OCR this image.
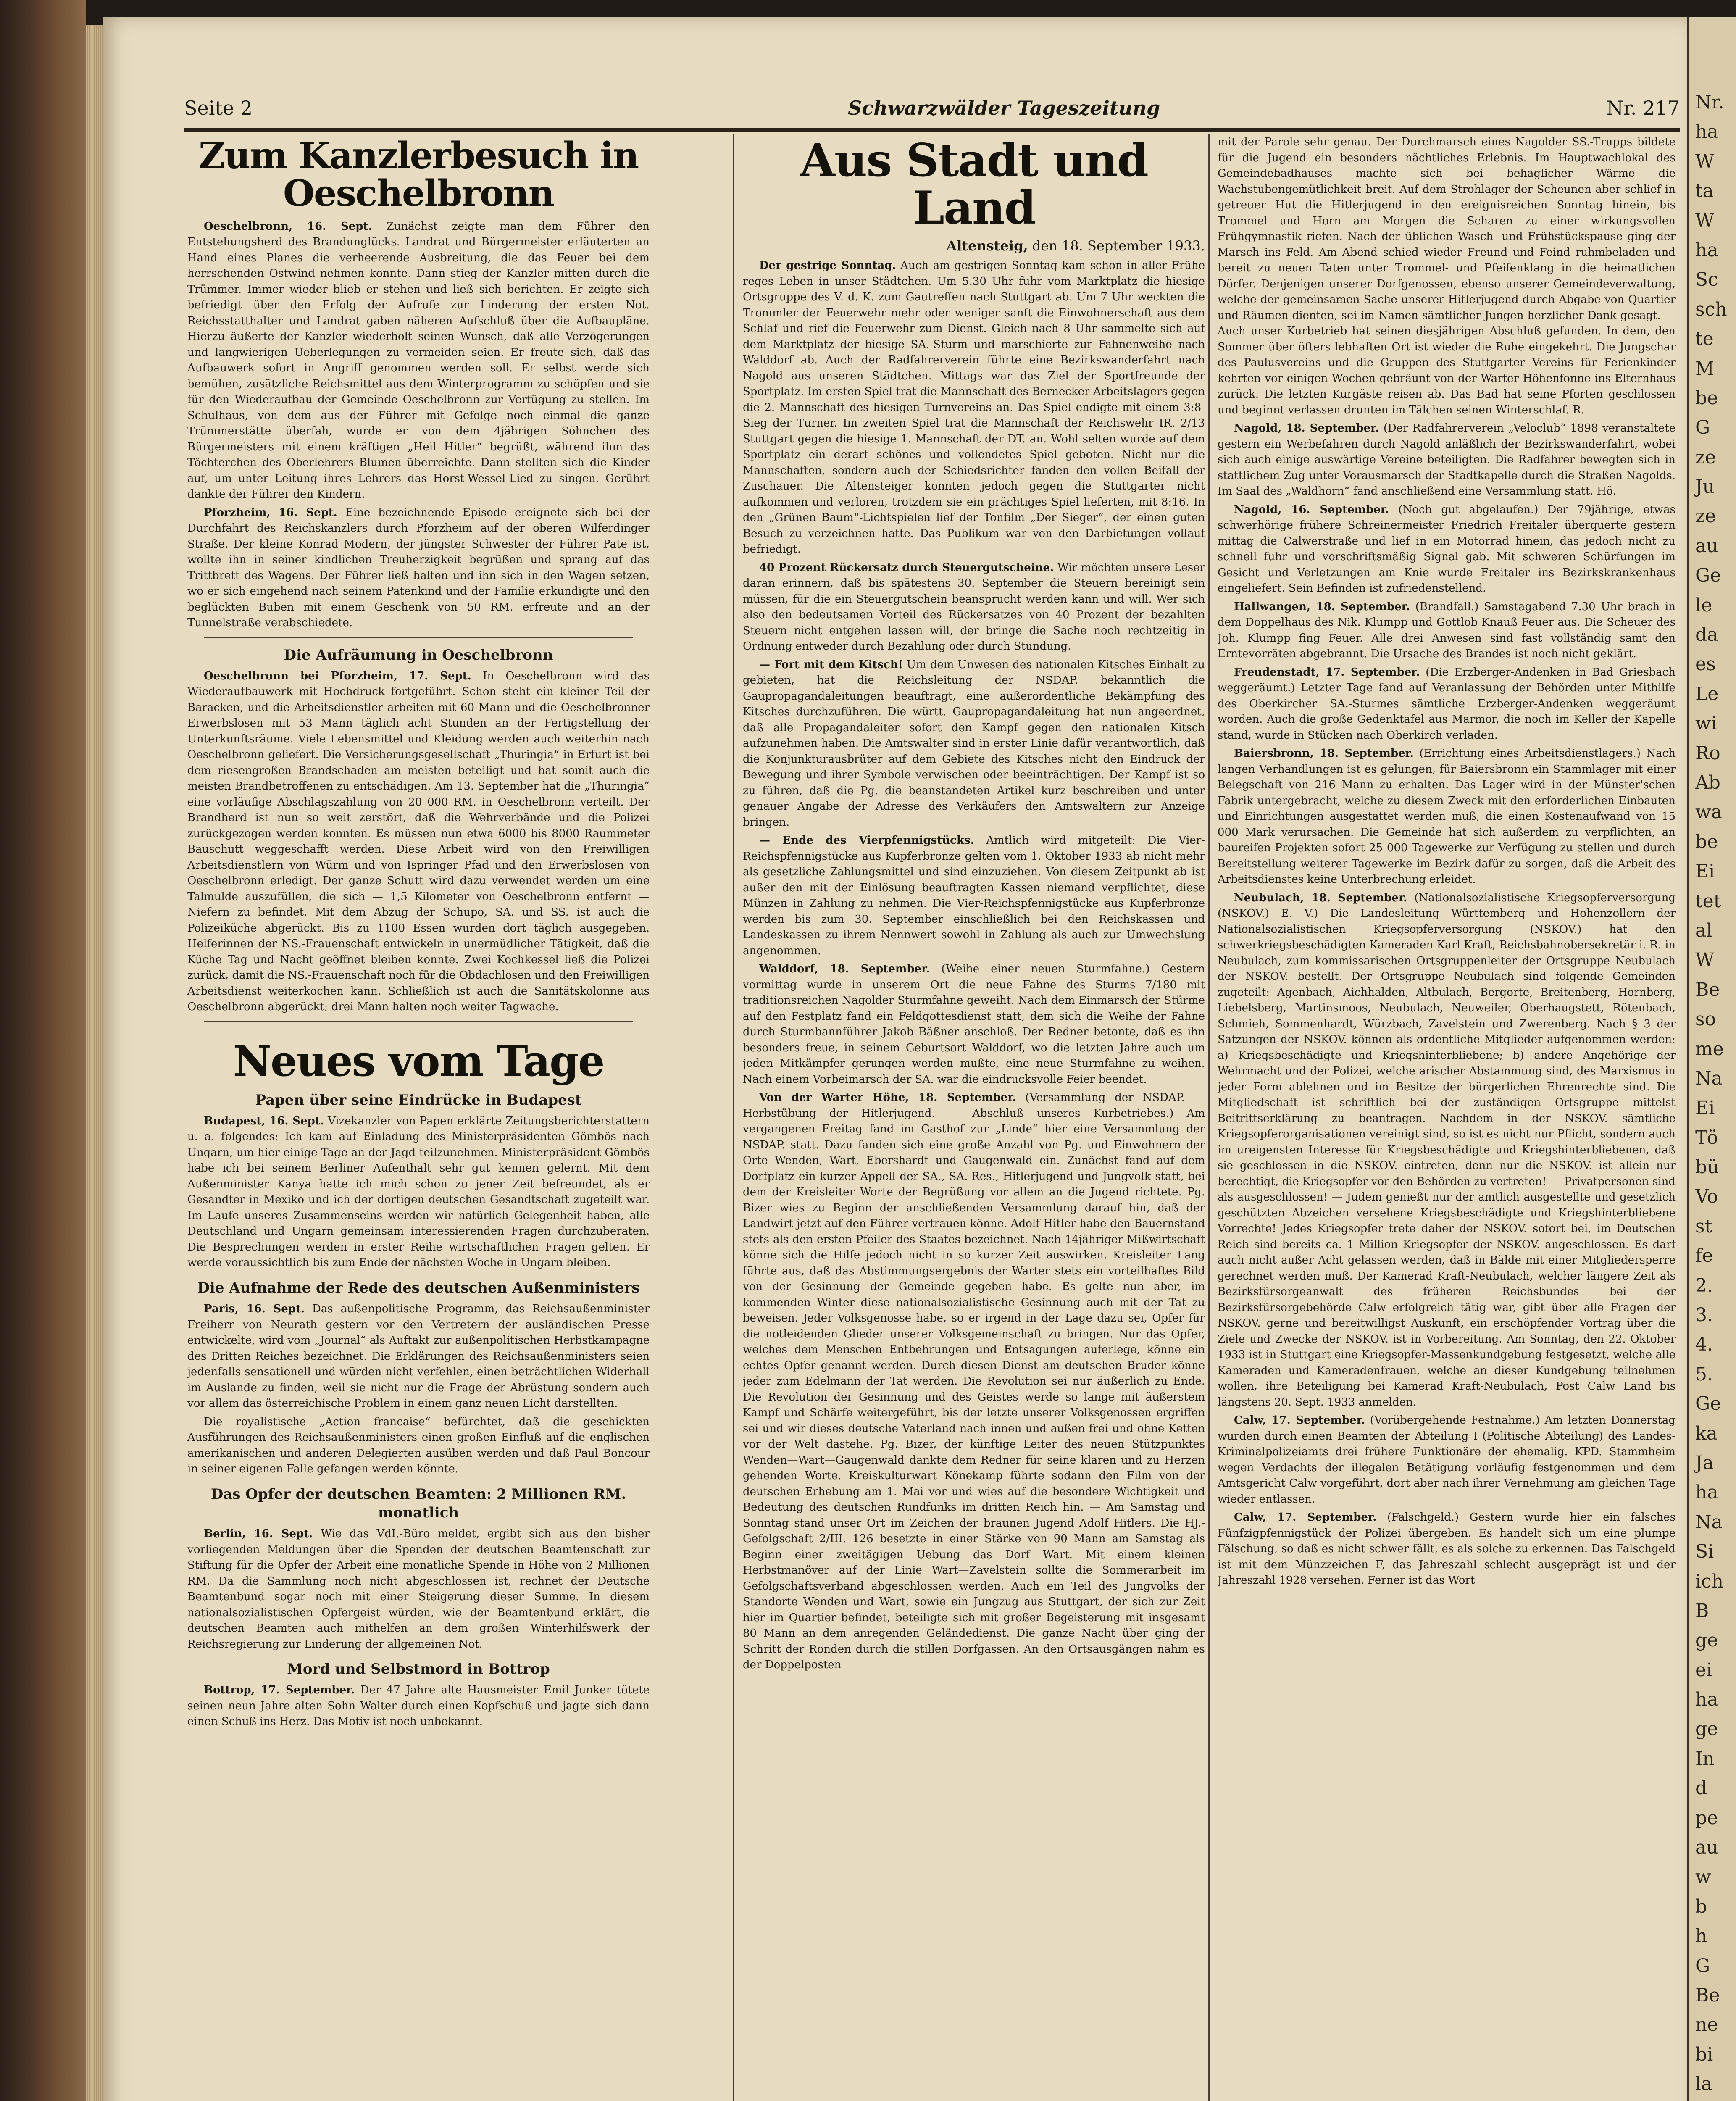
Nr.
ha
W
ta
W
ha
Sc
sch
te
M
be
G
ze
Ju
ze
au
Ge
le
da
es
Le
wi
Ro
Ab
wa
be
Ei
tet
al
W
Be
so
me
Na
Ei
Tö
bü
Vo
st
fe
2.
3.
4.
5.
Ge
ka
Ja
ha
Na
Si
ich
B
ge
ei
ha
ge
In
d
pe
au
w
b
h
G
Be
ne
bi
la
Seite 2	Schwarzwälder Tageszeitung	Nr. 217
Zum Kanzlerbesuch in Oeschelbronn

Oeschelbronn, 16. Sept. Zunächst zeigte man dem Führer den Entstehungsherd des Brandunglücks. Landrat und Bürgermeister erläuterten an Hand eines Planes die verheerende Ausbreitung, die das Feuer bei dem herrschenden Ostwind nehmen konnte. Dann stieg der Kanzler mitten durch die Trümmer. Immer wieder blieb er stehen und ließ sich berichten. Er zeigte sich befriedigt über den Erfolg der Aufrufe zur Linderung der ersten Not. Reichsstatthalter und Landrat gaben näheren Aufschluß über die Aufbaupläne. Hierzu äußerte der Kanzler wiederholt seinen Wunsch, daß alle Verzögerungen und langwierigen Ueberlegungen zu vermeiden seien. Er freute sich, daß das Aufbauwerk sofort in Angriff genommen werden soll. Er selbst werde sich bemühen, zusätzliche Reichsmittel aus dem Winterprogramm zu schöpfen und sie für den Wiederaufbau der Gemeinde Oeschelbronn zur Verfügung zu stellen. Im Schulhaus, von dem aus der Führer mit Gefolge noch einmal die ganze Trümmerstätte überfah, wurde er von dem 4jährigen Söhnchen des Bürgermeisters mit einem kräftigen „Heil Hitler“ begrüßt, während ihm das Töchterchen des Oberlehrers Blumen überreichte. Dann stellten sich die Kinder auf, um unter Leitung ihres Lehrers das Horst-Wessel-Lied zu singen. Gerührt dankte der Führer den Kindern.

Pforzheim, 16. Sept. Eine bezeichnende Episode ereignete sich bei der Durchfahrt des Reichskanzlers durch Pforzheim auf der oberen Wilferdinger Straße. Der kleine Konrad Modern, der jüngster Schwester der Führer Pate ist, wollte ihn in seiner kindlichen Treuherzigkeit begrüßen und sprang auf das Trittbrett des Wagens. Der Führer ließ halten und ihn sich in den Wagen setzen, wo er sich eingehend nach seinem Patenkind und der Familie erkundigte und den beglückten Buben mit einem Geschenk von 50 RM. erfreute und an der Tunnelstraße verabschiedete.

Die Aufräumung in Oeschelbronn

Oeschelbronn bei Pforzheim, 17. Sept. In Oeschelbronn wird das Wiederaufbauwerk mit Hochdruck fortgeführt. Schon steht ein kleiner Teil der Baracken, und die Arbeitsdienstler arbeiten mit 60 Mann und die Oeschelbronner Erwerbslosen mit 53 Mann täglich acht Stunden an der Fertigstellung der Unterkunftsräume. Viele Lebensmittel und Kleidung werden auch weiterhin nach Oeschelbronn geliefert. Die Versicherungsgesellschaft „Thuringia“ in Erfurt ist bei dem riesengroßen Brandschaden am meisten beteiligt und hat somit auch die meisten Brandbetroffenen zu entschädigen. Am 13. September hat die „Thuringia“ eine vorläufige Abschlagszahlung von 20 000 RM. in Oeschelbronn verteilt. Der Brandherd ist nun so weit zerstört, daß die Wehrverbände und die Polizei zurückgezogen werden konnten. Es müssen nun etwa 6000 bis 8000 Raummeter Bauschutt weggeschafft werden. Diese Arbeit wird von den Freiwilligen Arbeitsdienstlern von Würm und von Ispringer Pfad und den Erwerbslosen von Oeschelbronn erledigt. Der ganze Schutt wird dazu verwendet werden um eine Talmulde auszufüllen, die sich — 1,5 Kilometer von Oeschelbronn entfernt — Niefern zu befindet. Mit dem Abzug der Schupo, SA. und SS. ist auch die Polizeiküche abgerückt. Bis zu 1100 Essen wurden dort täglich ausgegeben. Helferinnen der NS.-Frauenschaft entwickeln in unermüdlicher Tätigkeit, daß die Küche Tag und Nacht geöffnet bleiben konnte. Zwei Kochkessel ließ die Polizei zurück, damit die NS.-Frauenschaft noch für die Obdachlosen und den Freiwilligen Arbeitsdienst weiterkochen kann. Schließlich ist auch die Sanitätskolonne aus Oeschelbronn abgerückt; drei Mann halten noch weiter Tagwache.

Neues vom Tage
Papen über seine Eindrücke in Budapest

Budapest, 16. Sept. Vizekanzler von Papen erklärte Zeitungsberichterstattern u. a. folgendes: Ich kam auf Einladung des Ministerpräsidenten Gömbös nach Ungarn, um hier einige Tage an der Jagd teilzunehmen. Ministerpräsident Gömbös habe ich bei seinem Berliner Aufenthalt sehr gut kennen gelernt. Mit dem Außenminister Kanya hatte ich mich schon zu jener Zeit befreundet, als er Gesandter in Mexiko und ich der dortigen deutschen Gesandtschaft zugeteilt war. Im Laufe unseres Zusammenseins werden wir natürlich Gelegenheit haben, alle Deutschland und Ungarn gemeinsam interessierenden Fragen durchzuberaten. Die Besprechungen werden in erster Reihe wirtschaftlichen Fragen gelten. Er werde voraussichtlich bis zum Ende der nächsten Woche in Ungarn bleiben.

Die Aufnahme der Rede des deutschen Außenministers

Paris, 16. Sept. Das außenpolitische Programm, das Reichsaußenminister Freiherr von Neurath gestern vor den Vertretern der ausländischen Presse entwickelte, wird vom „Journal“ als Auftakt zur außenpolitischen Herbstkampagne des Dritten Reiches bezeichnet. Die Erklärungen des Reichsaußenministers seien jedenfalls sensationell und würden nicht verfehlen, einen beträchtlichen Widerhall im Auslande zu finden, weil sie nicht nur die Frage der Abrüstung sondern auch vor allem das österreichische Problem in einem ganz neuen Licht darstellten.

Die royalistische „Action francaise“ befürchtet, daß die geschickten Ausführungen des Reichsaußenministers einen großen Einfluß auf die englischen amerikanischen und anderen Delegierten ausüben werden und daß Paul Boncour in seiner eigenen Falle gefangen werden könnte.

Das Opfer der deutschen Beamten: 2 Millionen RM. monatlich

Berlin, 16. Sept. Wie das VdI.-Büro meldet, ergibt sich aus den bisher vorliegenden Meldungen über die Spenden der deutschen Beamtenschaft zur Stiftung für die Opfer der Arbeit eine monatliche Spende in Höhe von 2 Millionen RM. Da die Sammlung noch nicht abgeschlossen ist, rechnet der Deutsche Beamtenbund sogar noch mit einer Steigerung dieser Summe. In diesem nationalsozialistischen Opfergeist würden, wie der Beamtenbund erklärt, die deutschen Beamten auch mithelfen an dem großen Winterhilfswerk der Reichsregierung zur Linderung der allgemeinen Not.

Mord und Selbstmord in Bottrop

Bottrop, 17. September. Der 47 Jahre alte Hausmeister Emil Junker tötete seinen neun Jahre alten Sohn Walter durch einen Kopfschuß und jagte sich dann einen Schuß ins Herz. Das Motiv ist noch unbekannt.

Aus Stadt und Land
Altensteig, den 18. September 1933.

Der gestrige Sonntag. Auch am gestrigen Sonntag kam schon in aller Frühe reges Leben in unser Städtchen. Um 5.30 Uhr fuhr vom Marktplatz die hiesige Ortsgruppe des V. d. K. zum Gautreffen nach Stuttgart ab. Um 7 Uhr weckten die Trommler der Feuerwehr mehr oder weniger sanft die Einwohnerschaft aus dem Schlaf und rief die Feuerwehr zum Dienst. Gleich nach 8 Uhr sammelte sich auf dem Marktplatz der hiesige SA.-Sturm und marschierte zur Fahnenweihe nach Walddorf ab. Auch der Radfahrerverein führte eine Bezirkswanderfahrt nach Nagold aus unseren Städtchen. Mittags war das Ziel der Sportfreunde der Sportplatz. Im ersten Spiel trat die Mannschaft des Bernecker Arbeitslagers gegen die 2. Mannschaft des hiesigen Turnvereins an. Das Spiel endigte mit einem 3:8-Sieg der Turner. Im zweiten Spiel trat die Mannschaft der Reichswehr IR. 2/13 Stuttgart gegen die hiesige 1. Mannschaft der DT. an. Wohl selten wurde auf dem Sportplatz ein derart schönes und vollendetes Spiel geboten. Nicht nur die Mannschaften, sondern auch der Schiedsrichter fanden den vollen Beifall der Zuschauer. Die Altensteiger konnten jedoch gegen die Stuttgarter nicht aufkommen und verloren, trotzdem sie ein prächtiges Spiel lieferten, mit 8:16. In den „Grünen Baum“-Lichtspielen lief der Tonfilm „Der Sieger“, der einen guten Besuch zu verzeichnen hatte. Das Publikum war von den Darbietungen vollauf befriedigt.

40 Prozent Rückersatz durch Steuergutscheine. Wir möchten unsere Leser daran erinnern, daß bis spätestens 30. September die Steuern bereinigt sein müssen, für die ein Steuergutschein beansprucht werden kann und will. Wer sich also den bedeutsamen Vorteil des Rückersatzes von 40 Prozent der bezahlten Steuern nicht entgehen lassen will, der bringe die Sache noch rechtzeitig in Ordnung entweder durch Bezahlung oder durch Stundung.

— Fort mit dem Kitsch! Um dem Unwesen des nationalen Kitsches Einhalt zu gebieten, hat die Reichsleitung der NSDAP. bekanntlich die Gaupropagandaleitungen beauftragt, eine außerordentliche Bekämpfung des Kitsches durchzuführen. Die württ. Gaupropagandaleitung hat nun angeordnet, daß alle Propagandaleiter sofort den Kampf gegen den nationalen Kitsch aufzunehmen haben. Die Amtswalter sind in erster Linie dafür verantwortlich, daß die Konjunkturausbrüter auf dem Gebiete des Kitsches nicht den Eindruck der Bewegung und ihrer Symbole verwischen oder beeinträchtigen. Der Kampf ist so zu führen, daß die Pg. die beanstandeten Artikel kurz beschreiben und unter genauer Angabe der Adresse des Verkäufers den Amtswaltern zur Anzeige bringen.

— Ende des Vierpfennigstücks. Amtlich wird mitgeteilt: Die Vier-Reichspfennigstücke aus Kupferbronze gelten vom 1. Oktober 1933 ab nicht mehr als gesetzliche Zahlungsmittel und sind einzuziehen. Von diesem Zeitpunkt ab ist außer den mit der Einlösung beauftragten Kassen niemand verpflichtet, diese Münzen in Zahlung zu nehmen. Die Vier-Reichspfennigstücke aus Kupferbronze werden bis zum 30. September einschließlich bei den Reichskassen und Landeskassen zu ihrem Nennwert sowohl in Zahlung als auch zur Umwechslung angenommen.

Walddorf, 18. September. (Weihe einer neuen Sturmfahne.) Gestern vormittag wurde in unserem Ort die neue Fahne des Sturms 7/180 mit traditionsreichen Nagolder Sturmfahne geweiht. Nach dem Einmarsch der Stürme auf den Festplatz fand ein Feldgottesdienst statt, dem sich die Weihe der Fahne durch Sturmbannführer Jakob Bäßner anschloß. Der Redner betonte, daß es ihn besonders freue, in seinem Geburtsort Walddorf, wo die letzten Jahre auch um jeden Mitkämpfer gerungen werden mußte, eine neue Sturmfahne zu weihen. Nach einem Vorbeimarsch der SA. war die eindrucksvolle Feier beendet.

Von der Warter Höhe, 18. September. (Versammlung der NSDAP. — Herbstübung der Hitlerjugend. — Abschluß unseres Kurbetriebes.) Am vergangenen Freitag fand im Gasthof zur „Linde“ hier eine Versammlung der NSDAP. statt. Dazu fanden sich eine große Anzahl von Pg. und Einwohnern der Orte Wenden, Wart, Ebershardt und Gaugenwald ein. Zunächst fand auf dem Dorfplatz ein kurzer Appell der SA., SA.-Res., Hitlerjugend und Jungvolk statt, bei dem der Kreisleiter Worte der Begrüßung vor allem an die Jugend richtete. Pg. Bizer wies zu Beginn der anschließenden Versammlung darauf hin, daß der Landwirt jetzt auf den Führer vertrauen könne. Adolf Hitler habe den Bauernstand stets als den ersten Pfeiler des Staates bezeichnet. Nach 14jähriger Mißwirtschaft könne sich die Hilfe jedoch nicht in so kurzer Zeit auswirken. Kreisleiter Lang führte aus, daß das Abstimmungsergebnis der Warter stets ein vorteilhaftes Bild von der Gesinnung der Gemeinde gegeben habe. Es gelte nun aber, im kommenden Winter diese nationalsozialistische Gesinnung auch mit der Tat zu beweisen. Jeder Volksgenosse habe, so er irgend in der Lage dazu sei, Opfer für die notleidenden Glieder unserer Volksgemeinschaft zu bringen. Nur das Opfer, welches dem Menschen Entbehrungen und Entsagungen auferlege, könne ein echtes Opfer genannt werden. Durch diesen Dienst am deutschen Bruder könne jeder zum Edelmann der Tat werden. Die Revolution sei nur äußerlich zu Ende. Die Revolution der Gesinnung und des Geistes werde so lange mit äußerstem Kampf und Schärfe weitergeführt, bis der letzte unserer Volksgenossen ergriffen sei und wir dieses deutsche Vaterland nach innen und außen frei und ohne Ketten vor der Welt dastehe. Pg. Bizer, der künftige Leiter des neuen Stützpunktes Wenden—Wart—Gaugenwald dankte dem Redner für seine klaren und zu Herzen gehenden Worte. Kreiskulturwart Könekamp führte sodann den Film von der deutschen Erhebung am 1. Mai vor und wies auf die besondere Wichtigkeit und Bedeutung des deutschen Rundfunks im dritten Reich hin. — Am Samstag und Sonntag stand unser Ort im Zeichen der braunen Jugend Adolf Hitlers. Die HJ.-Gefolgschaft 2/III. 126 besetzte in einer Stärke von 90 Mann am Samstag als Beginn einer zweitägigen Uebung das Dorf Wart. Mit einem kleinen Herbstmanöver auf der Linie Wart—Zavelstein sollte die Sommerarbeit im Gefolgschaftsverband abgeschlossen werden. Auch ein Teil des Jungvolks der Standorte Wenden und Wart, sowie ein Jungzug aus Stuttgart, der sich zur Zeit hier im Quartier befindet, beteiligte sich mit großer Begeisterung mit insgesamt 80 Mann an dem anregenden Geländedienst. Die ganze Nacht über ging der Schritt der Ronden durch die stillen Dorfgassen. An den Ortsausgängen nahm es der Doppelposten

mit der Parole sehr genau. Der Durchmarsch eines Nagolder SS.-Trupps bildete für die Jugend ein besonders nächtliches Erlebnis. Im Hauptwachlokal des Gemeindebadhauses machte sich bei behaglicher Wärme die Wachstubengemütlichkeit breit. Auf dem Strohlager der Scheunen aber schlief in getreuer Hut die Hitlerjugend in den ereignisreichen Sonntag hinein, bis Trommel und Horn am Morgen die Scharen zu einer wirkungsvollen Frühgymnastik riefen. Nach der üblichen Wasch- und Frühstückspause ging der Marsch ins Feld. Am Abend schied wieder Freund und Feind ruhmbeladen und bereit zu neuen Taten unter Trommel- und Pfeifenklang in die heimatlichen Dörfer. Denjenigen unserer Dorfgenossen, ebenso unserer Gemeindeverwaltung, welche der gemeinsamen Sache unserer Hitlerjugend durch Abgabe von Quartier und Räumen dienten, sei im Namen sämtlicher Jungen herzlicher Dank gesagt. — Auch unser Kurbetrieb hat seinen diesjährigen Abschluß gefunden. In dem, den Sommer über öfters lebhaften Ort ist wieder die Ruhe eingekehrt. Die Jungschar des Paulusvereins und die Gruppen des Stuttgarter Vereins für Ferienkinder kehrten vor einigen Wochen gebräunt von der Warter Höhenfonne ins Elternhaus zurück. Die letzten Kurgäste reisen ab. Das Bad hat seine Pforten geschlossen und beginnt verlassen drunten im Tälchen seinen Winterschlaf. R.

Nagold, 18. September. (Der Radfahrerverein „Veloclub“ 1898 veranstaltete gestern ein Werbefahren durch Nagold anläßlich der Bezirkswanderfahrt, wobei sich auch einige auswärtige Vereine beteiligten. Die Radfahrer bewegten sich in stattlichem Zug unter Vorausmarsch der Stadtkapelle durch die Straßen Nagolds. Im Saal des „Waldhorn“ fand anschließend eine Versammlung statt. Hö.

Nagold, 16. September. (Noch gut abgelaufen.) Der 79jährige, etwas schwerhörige frühere Schreinermeister Friedrich Freitaler überquerte gestern mittag die Calwerstraße und lief in ein Motorrad hinein, das jedoch nicht zu schnell fuhr und vorschriftsmäßig Signal gab. Mit schweren Schürfungen im Gesicht und Verletzungen am Knie wurde Freitaler ins Bezirkskrankenhaus eingeliefert. Sein Befinden ist zufriedenstellend.

Hallwangen, 18. September. (Brandfall.) Samstagabend 7.30 Uhr brach in dem Doppelhaus des Nik. Klumpp und Gottlob Knauß Feuer aus. Die Scheuer des Joh. Klumpp fing Feuer. Alle drei Anwesen sind fast vollständig samt den Erntevorräten abgebrannt. Die Ursache des Brandes ist noch nicht geklärt.

Freudenstadt, 17. September. (Die Erzberger-Andenken in Bad Griesbach weggeräumt.) Letzter Tage fand auf Veranlassung der Behörden unter Mithilfe des Oberkircher SA.-Sturmes sämtliche Erzberger-Andenken weggeräumt worden. Auch die große Gedenktafel aus Marmor, die noch im Keller der Kapelle stand, wurde in Stücken nach Oberkirch verladen.

Baiersbronn, 18. September. (Errichtung eines Arbeitsdienstlagers.) Nach langen Verhandlungen ist es gelungen, für Baiersbronn ein Stammlager mit einer Belegschaft von 216 Mann zu erhalten. Das Lager wird in der Münster'schen Fabrik untergebracht, welche zu diesem Zweck mit den erforderlichen Einbauten und Einrichtungen ausgestattet werden muß, die einen Kostenaufwand von 15 000 Mark verursachen. Die Gemeinde hat sich außerdem zu verpflichten, an baureifen Projekten sofort 25 000 Tagewerke zur Verfügung zu stellen und durch Bereitstellung weiterer Tagewerke im Bezirk dafür zu sorgen, daß die Arbeit des Arbeitsdienstes keine Unterbrechung erleidet.

Neubulach, 18. September. (Nationalsozialistische Kriegsopferversorgung (NSKOV.) E. V.) Die Landesleitung Württemberg und Hohenzollern der Nationalsozialistischen Kriegsopferversorgung (NSKOV.) hat den schwerkriegsbeschädigten Kameraden Karl Kraft, Reichsbahnobersekretär i. R. in Neubulach, zum kommissarischen Ortsgruppenleiter der Ortsgruppe Neubulach der NSKOV. bestellt. Der Ortsgruppe Neubulach sind folgende Gemeinden zugeteilt: Agenbach, Aichhalden, Altbulach, Bergorte, Breitenberg, Hornberg, Liebelsberg, Martinsmoos, Neubulach, Neuweiler, Oberhaugstett, Rötenbach, Schmieh, Sommenhardt, Würzbach, Zavelstein und Zwerenberg. Nach § 3 der Satzungen der NSKOV. können als ordentliche Mitglieder aufgenommen werden: a) Kriegsbeschädigte und Kriegshinterbliebene; b) andere Angehörige der Wehrmacht und der Polizei, welche arischer Abstammung sind, des Marxismus in jeder Form ablehnen und im Besitze der bürgerlichen Ehrenrechte sind. Die Mitgliedschaft ist schriftlich bei der zuständigen Ortsgruppe mittelst Beitrittserklärung zu beantragen. Nachdem in der NSKOV. sämtliche Kriegsopferorganisationen vereinigt sind, so ist es nicht nur Pflicht, sondern auch im ureigensten Interesse für Kriegsbeschädigte und Kriegshinterbliebenen, daß sie geschlossen in die NSKOV. eintreten, denn nur die NSKOV. ist allein nur berechtigt, die Kriegsopfer vor den Behörden zu vertreten! — Privatpersonen sind als ausgeschlossen! — Judem genießt nur der amtlich ausgestellte und gesetzlich geschützten Abzeichen versehene Kriegsbeschädigte und Kriegshinterbliebene Vorrechte! Jedes Kriegsopfer trete daher der NSKOV. sofort bei, im Deutschen Reich sind bereits ca. 1 Million Kriegsopfer der NSKOV. angeschlossen. Es darf auch nicht außer Acht gelassen werden, daß in Bälde mit einer Mitgliedersperre gerechnet werden muß. Der Kamerad Kraft-Neubulach, welcher längere Zeit als Bezirksfürsorgeanwalt des früheren Reichsbundes bei der Bezirksfürsorgebehörde Calw erfolgreich tätig war, gibt über alle Fragen der NSKOV. gerne und bereitwilligst Auskunft, ein erschöpfender Vortrag über die Ziele und Zwecke der NSKOV. ist in Vorbereitung. Am Sonntag, den 22. Oktober 1933 ist in Stuttgart eine Kriegsopfer-Massenkundgebung festgesetzt, welche alle Kameraden und Kameradenfrauen, welche an dieser Kundgebung teilnehmen wollen, ihre Beteiligung bei Kamerad Kraft-Neubulach, Post Calw Land bis längstens 20. Sept. 1933 anmelden.

Calw, 17. September. (Vorübergehende Festnahme.) Am letzten Donnerstag wurden durch einen Beamten der Abteilung I (Politische Abteilung) des Landes-Kriminalpolizeiamts drei frühere Funktionäre der ehemalig. KPD. Stammheim wegen Verdachts der illegalen Betätigung vorläufig festgenommen und dem Amtsgericht Calw vorgeführt, dort aber nach ihrer Vernehmung am gleichen Tage wieder entlassen.

Calw, 17. September. (Falschgeld.) Gestern wurde hier ein falsches Fünfzigpfennigstück der Polizei übergeben. Es handelt sich um eine plumpe Fälschung, so daß es nicht schwer fällt, es als solche zu erkennen. Das Falschgeld ist mit dem Münzzeichen F, das Jahreszahl schlecht ausgeprägt ist und der Jahreszahl 1928 versehen. Ferner ist das Wort
